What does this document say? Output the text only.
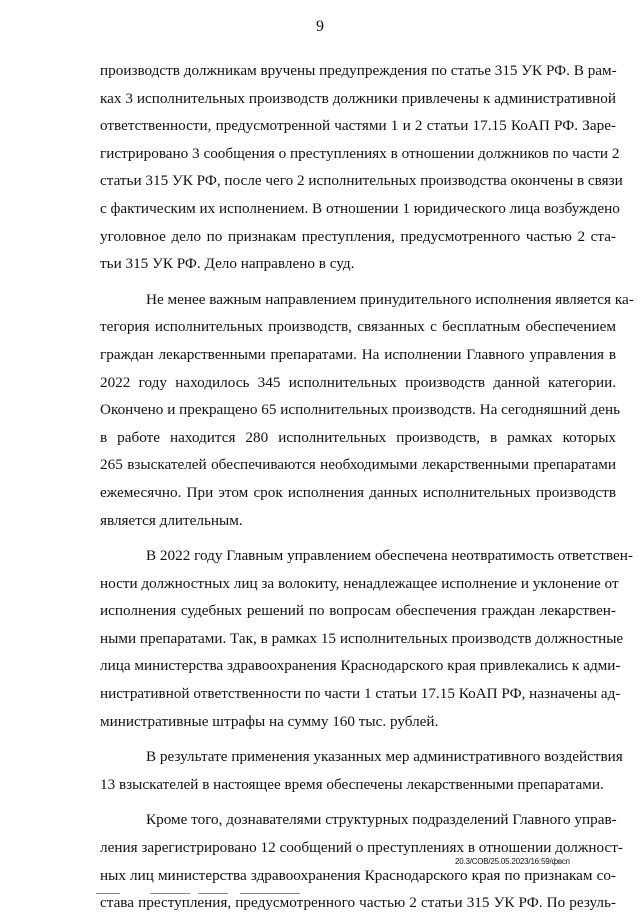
9
производств должникам вручены предупреждения по статье 315 УК РФ. В рам-
ках 3 исполнительных производств должники привлечены к административной
ответственности, предусмотренной частями 1 и 2 статьи 17.15 КоАП РФ. Заре-
гистрировано 3 сообщения о преступлениях в отношении должников по части 2
статьи 315 УК РФ, после чего 2 исполнительных производства окончены в связи
с фактическим их исполнением. В отношении 1 юридического лица возбуждено
уголовное дело по признакам преступления, предусмотренного частью 2 ста-
тьи 315 УК РФ. Дело направлено в суд.
Не менее важным направлением принудительного исполнения является ка-
тегория исполнительных производств, связанных с бесплатным обеспечением
граждан лекарственными препаратами. На исполнении Главного управления в
2022 году находилось 345 исполнительных производств данной категории.
Окончено и прекращено 65 исполнительных производств. На сегодняшний день
в работе находится 280 исполнительных производств, в рамках которых
265 взыскателей обеспечиваются необходимыми лекарственными препаратами
ежемесячно. При этом срок исполнения данных исполнительных производств
является длительным.
В 2022 году Главным управлением обеспечена неотвратимость ответствен-
ности должностных лиц за волокиту, ненадлежащее исполнение и уклонение от
исполнения судебных решений по вопросам обеспечения граждан лекарствен-
ными препаратами. Так, в рамках 15 исполнительных производств должностные
лица министерства здравоохранения Краснодарского края привлекались к адми-
нистративной ответственности по части 1 статьи 17.15 КоАП РФ, назначены ад-
министративные штрафы на сумму 160 тыс. рублей.
В результате применения указанных мер административного воздействия
13 взыскателей в настоящее время обеспечены лекарственными препаратами.
Кроме того, дознавателями структурных подразделений Главного управ-
ления зарегистрировано 12 сообщений о преступлениях в отношении должност-
ных лиц министерства здравоохранения Краснодарского края по признакам со-
става преступления, предусмотренного частью 2 статьи 315 УК РФ. По резуль-
20.3/СОВ/25.05.2023/16:59/фвсп
